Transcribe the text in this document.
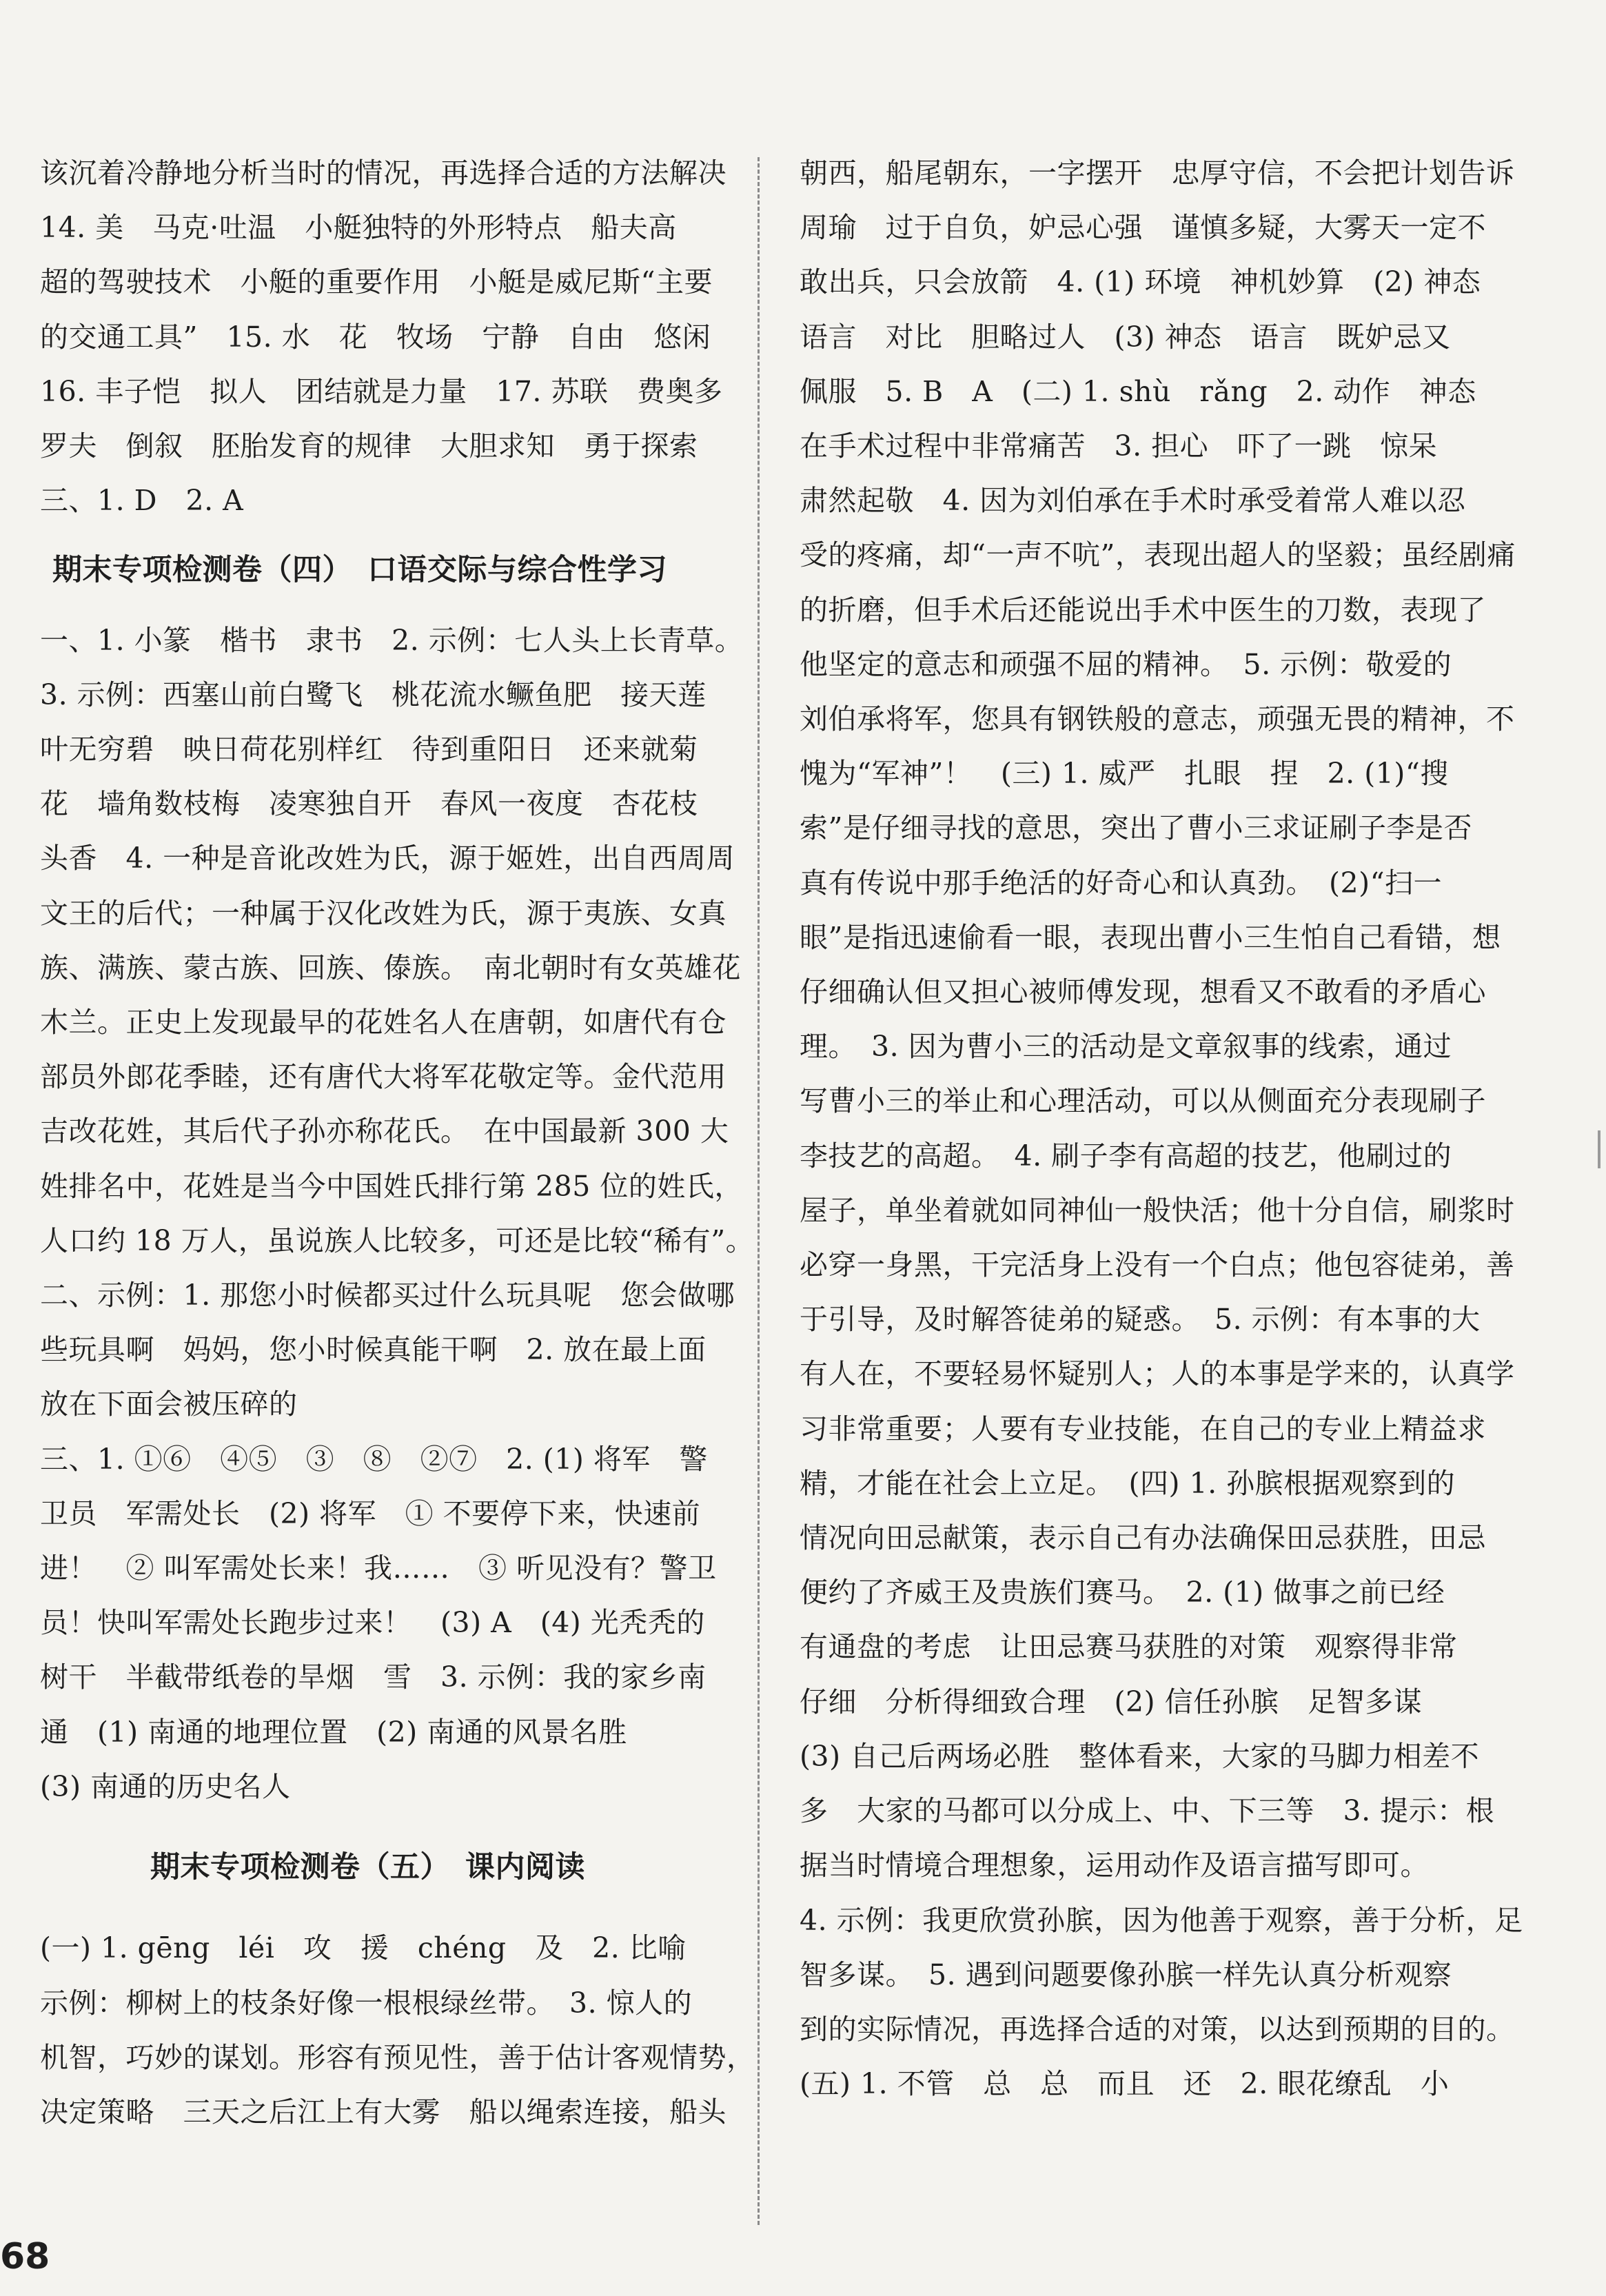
该沉着冷静地分析当时的情况，再选择合适的方法解决

14. 美　马克·吐温　小艇独特的外形特点　船夫高

超的驾驶技术　小艇的重要作用　小艇是威尼斯“主要

的交通工具”　15. 水　花　牧场　宁静　自由　悠闲

16. 丰子恺　拟人　团结就是力量　17. 苏联　费奥多

罗夫　倒叙　胚胎发育的规律　大胆求知　勇于探索

三、1. D　2. A

期末专项检测卷（四）　口语交际与综合性学习

一、1. 小篆　楷书　隶书　2. 示例：七人头上长青草。

3. 示例：西塞山前白鹭飞　桃花流水鳜鱼肥　接天莲

叶无穷碧　映日荷花别样红　待到重阳日　还来就菊

花　墙角数枝梅　凌寒独自开　春风一夜度　杏花枝

头香　4. 一种是音讹改姓为氏，源于姬姓，出自西周周

文王的后代；一种属于汉化改姓为氏，源于夷族、女真

族、满族、蒙古族、回族、傣族。　南北朝时有女英雄花

木兰。正史上发现最早的花姓名人在唐朝，如唐代有仓

部员外郎花季睦，还有唐代大将军花敬定等。金代范用

吉改花姓，其后代子孙亦称花氏。　在中国最新 300 大

姓排名中，花姓是当今中国姓氏排行第 285 位的姓氏，

人口约 18 万人，虽说族人比较多，可还是比较“稀有”。

二、示例：1. 那您小时候都买过什么玩具呢　您会做哪

些玩具啊　妈妈，您小时候真能干啊　2. 放在最上面

放在下面会被压碎的

三、1. ①⑥　④⑤　③　⑧　②⑦　2. (1) 将军　警

卫员　军需处长　(2) 将军　① 不要停下来，快速前

进！　② 叫军需处长来！我……　③ 听见没有？警卫

员！快叫军需处长跑步过来！　(3) A　(4) 光秃秃的

树干　半截带纸卷的旱烟　雪　3. 示例：我的家乡南

通　(1) 南通的地理位置　(2) 南通的风景名胜

(3) 南通的历史名人

期末专项检测卷（五）　课内阅读

(一) 1. gēng　léi　攻　援　chéng　及　2. 比喻

示例：柳树上的枝条好像一根根绿丝带。　3. 惊人的

机智，巧妙的谋划。形容有预见性，善于估计客观情势，

决定策略　三天之后江上有大雾　船以绳索连接，船头

朝西，船尾朝东，一字摆开　忠厚守信，不会把计划告诉

周瑜　过于自负，妒忌心强　谨慎多疑，大雾天一定不

敢出兵，只会放箭　4. (1) 环境　神机妙算　(2) 神态

语言　对比　胆略过人　(3) 神态　语言　既妒忌又

佩服　5. B　A　(二) 1. shù　rǎng　2. 动作　神态

在手术过程中非常痛苦　3. 担心　吓了一跳　惊呆

肃然起敬　4. 因为刘伯承在手术时承受着常人难以忍

受的疼痛，却“一声不吭”，表现出超人的坚毅；虽经剧痛

的折磨，但手术后还能说出手术中医生的刀数，表现了

他坚定的意志和顽强不屈的精神。　5. 示例：敬爱的

刘伯承将军，您具有钢铁般的意志，顽强无畏的精神，不

愧为“军神”！　(三) 1. 威严　扎眼　捏　2. (1)“搜

索”是仔细寻找的意思，突出了曹小三求证刷子李是否

真有传说中那手绝活的好奇心和认真劲。　(2)“扫一

眼”是指迅速偷看一眼，表现出曹小三生怕自己看错，想

仔细确认但又担心被师傅发现，想看又不敢看的矛盾心

理。　3. 因为曹小三的活动是文章叙事的线索，通过

写曹小三的举止和心理活动，可以从侧面充分表现刷子

李技艺的高超。　4. 刷子李有高超的技艺，他刷过的

屋子，单坐着就如同神仙一般快活；他十分自信，刷浆时

必穿一身黑，干完活身上没有一个白点；他包容徒弟，善

于引导，及时解答徒弟的疑惑。　5. 示例：有本事的大

有人在，不要轻易怀疑别人；人的本事是学来的，认真学

习非常重要；人要有专业技能，在自己的专业上精益求

精，才能在社会上立足。　(四) 1. 孙膑根据观察到的

情况向田忌献策，表示自己有办法确保田忌获胜，田忌

便约了齐威王及贵族们赛马。　2. (1) 做事之前已经

有通盘的考虑　让田忌赛马获胜的对策　观察得非常

仔细　分析得细致合理　(2) 信任孙膑　足智多谋

(3) 自己后两场必胜　整体看来，大家的马脚力相差不

多　大家的马都可以分成上、中、下三等　3. 提示：根

据当时情境合理想象，运用动作及语言描写即可。

4. 示例：我更欣赏孙膑，因为他善于观察，善于分析，足

智多谋。　5. 遇到问题要像孙膑一样先认真分析观察

到的实际情况，再选择合适的对策，以达到预期的目的。

(五) 1. 不管　总　总　而且　还　2. 眼花缭乱　小

68
